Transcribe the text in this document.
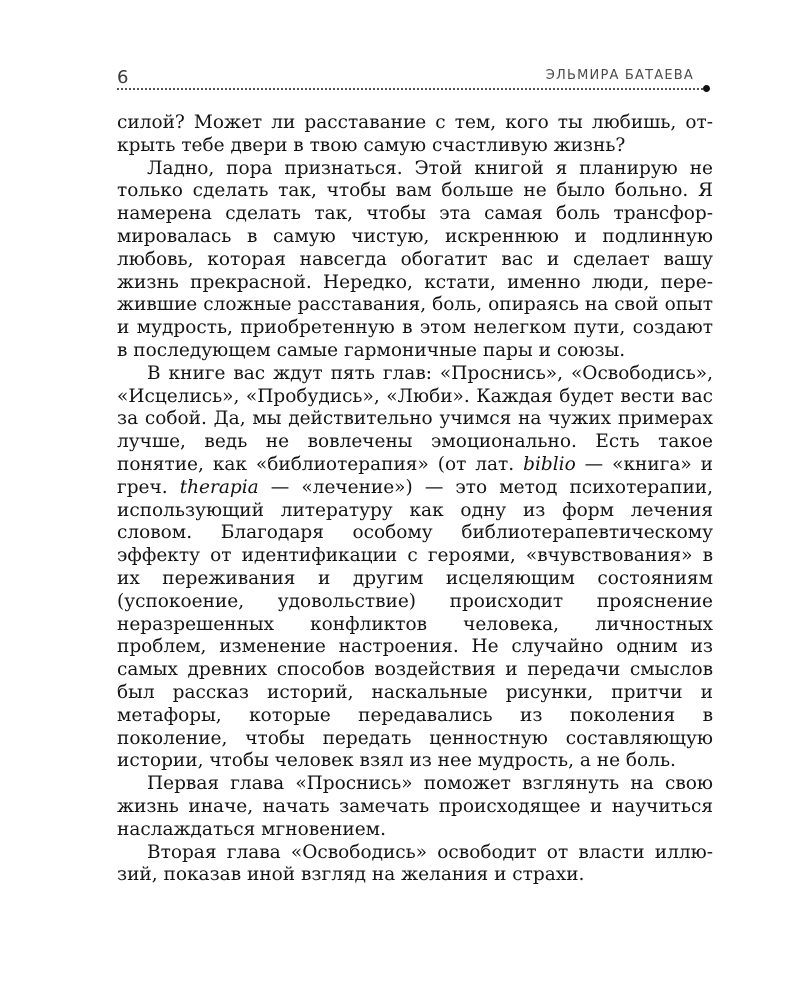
6	ЭЛЬМИРА БАТАЕВА

силой? Может ли расставание с тем, кого ты любишь, открыть тебе двери в твою самую счастливую жизнь?

Ладно, пора признаться. Этой книгой я планирую не только сделать так, чтобы вам больше не было больно. Я намерена сделать так, чтобы эта самая боль трансформировалась в самую чистую, искреннюю и подлинную любовь, которая навсегда обогатит вас и сделает вашу жизнь прекрасной. Нередко, кстати, именно люди, пережившие сложные расставания, боль, опираясь на свой опыт и мудрость, приобретенную в этом нелегком пути, создают в последующем самые гармоничные пары и союзы.

В книге вас ждут пять глав: «Проснись», «Освободись», «Исцелись», «Пробудись», «Люби». Каждая будет вести вас за собой. Да, мы действительно учимся на чужих примерах лучше, ведь не вовлечены эмоционально. Есть такое понятие, как «библиотерапия» (от лат. biblio — «книга» и греч. therapia — «лечение») — это метод психотерапии, использующий литературу как одну из форм лечения словом. Благодаря особому библиотерапевтическому эффекту от идентификации с героями, «вчувствования» в их переживания и другим исцеляющим состояниям (успокоение, удовольствие) происходит прояснение неразрешенных конфликтов человека, личностных проблем, изменение настроения. Не случайно одним из самых древних способов воздействия и передачи смыслов был рассказ историй, наскальные рисунки, притчи и метафоры, которые передавались из поколения в поколение, чтобы передать ценностную составляющую истории, чтобы человек взял из нее мудрость, а не боль.

Первая глава «Проснись» поможет взглянуть на свою жизнь иначе, начать замечать происходящее и научиться наслаждаться мгновением.

Вторая глава «Освободись» освободит от власти иллюзий, показав иной взгляд на желания и страхи.
